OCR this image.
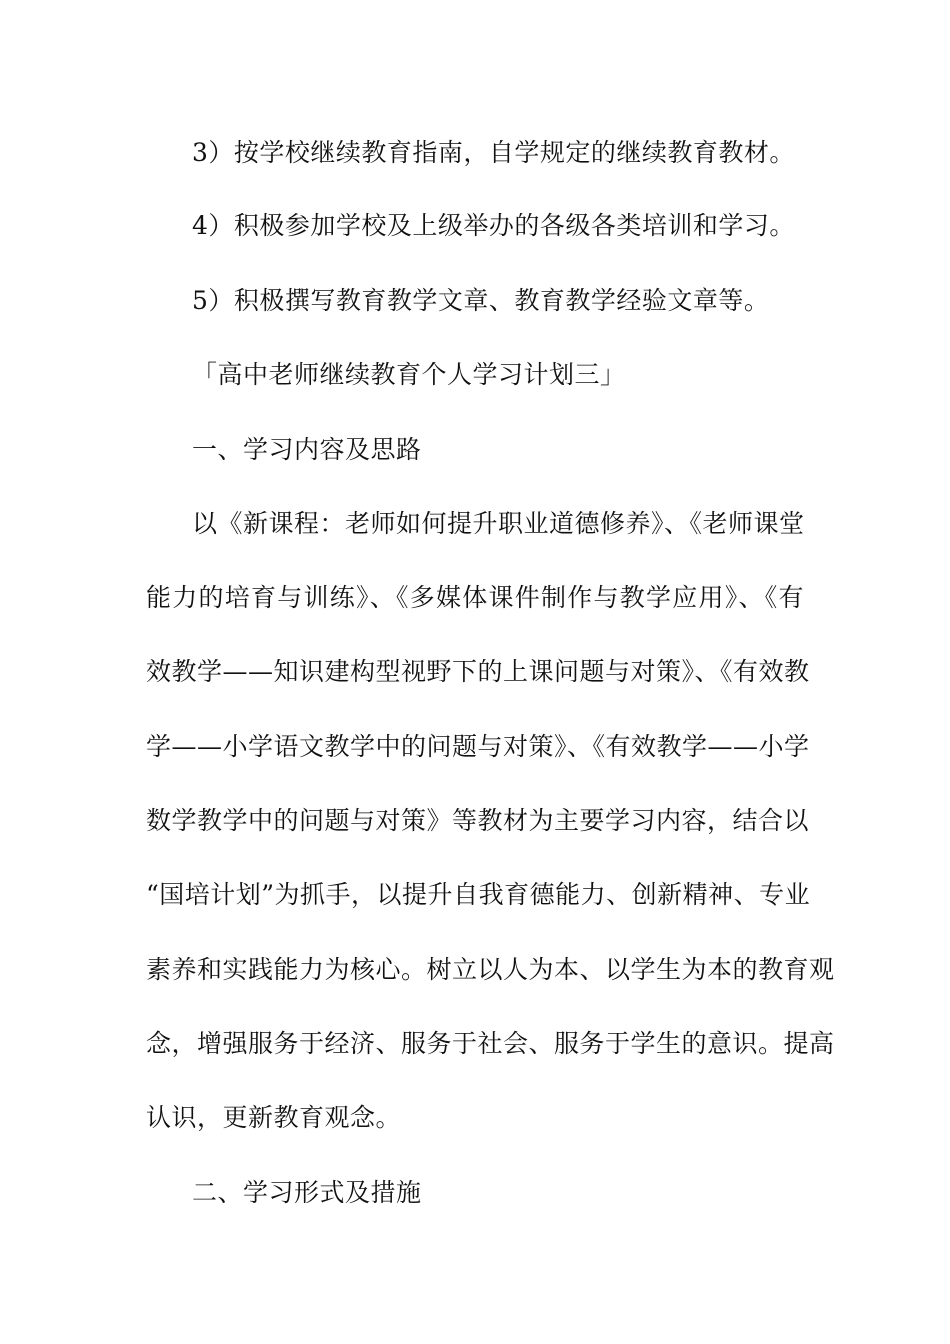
3）按学校继续教育指南，自学规定的继续教育教材。
4）积极参加学校及上级举办的各级各类培训和学习。
5）积极撰写教育教学文章、教育教学经验文章等。
「高中老师继续教育个人学习计划三」
一、学习内容及思路
以《新课程：老师如何提升职业道德修养》、《老师课堂
能力的培育与训练》、《多媒体课件制作与教学应用》、《有
效教学——知识建构型视野下的上课问题与对策》、《有效教
学——小学语文教学中的问题与对策》、《有效教学——小学
数学教学中的问题与对策》等教材为主要学习内容，结合以
“国培计划”为抓手，以提升自我育德能力、创新精神、专业
素养和实践能力为核心。树立以人为本、以学生为本的教育观
念，增强服务于经济、服务于社会、服务于学生的意识。提高
认识，更新教育观念。
二、学习形式及措施
